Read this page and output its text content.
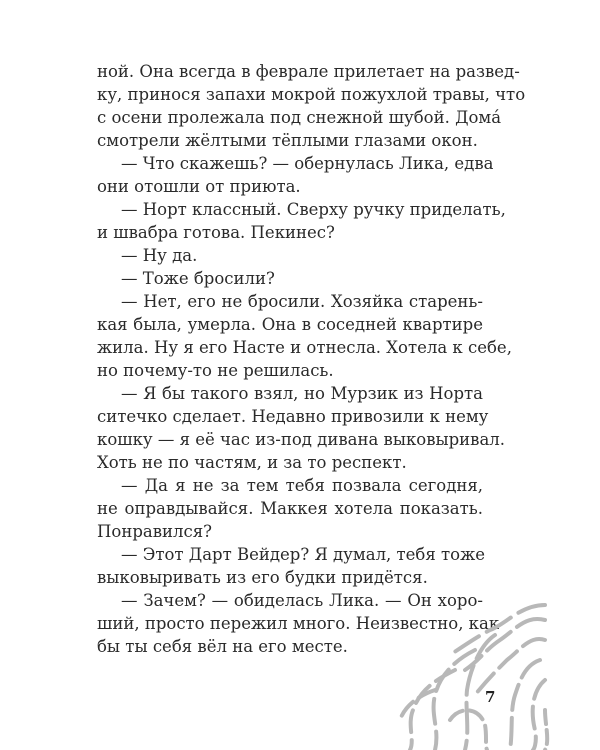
ной. Она всегда в феврале прилетает на развед-
ку, принося запахи мокрой пожухлой травы, что
с осени пролежала под снежной шубой. Домá
смотрели жёлтыми тёплыми глазами окон.
— Что скажешь? — обернулась Лика, едва
они отошли от приюта.
— Норт классный. Сверху ручку приделать,
и швабра готова. Пекинес?
— Ну да.
— Тоже бросили?
— Нет, его не бросили. Хозяйка старень-
кая была, умерла. Она в соседней квартире
жила. Ну я его Насте и отнесла. Хотела к себе,
но почему-то не решилась.
— Я бы такого взял, но Мурзик из Норта
ситечко сделает. Недавно привозили к нему
кошку — я её час из-под дивана выковыривал.
Хоть не по частям, и за то респект.
— Да я не за тем тебя позвала сегодня,
не оправдывайся. Маккея хотела показать.
Понравился?
— Этот Дарт Вейдер? Я думал, тебя тоже
выковыривать из его будки придётся.
— Зачем? — обиделась Лика. — Он хоро-
ший, просто пережил много. Неизвестно, как
бы ты себя вёл на его месте.
7
